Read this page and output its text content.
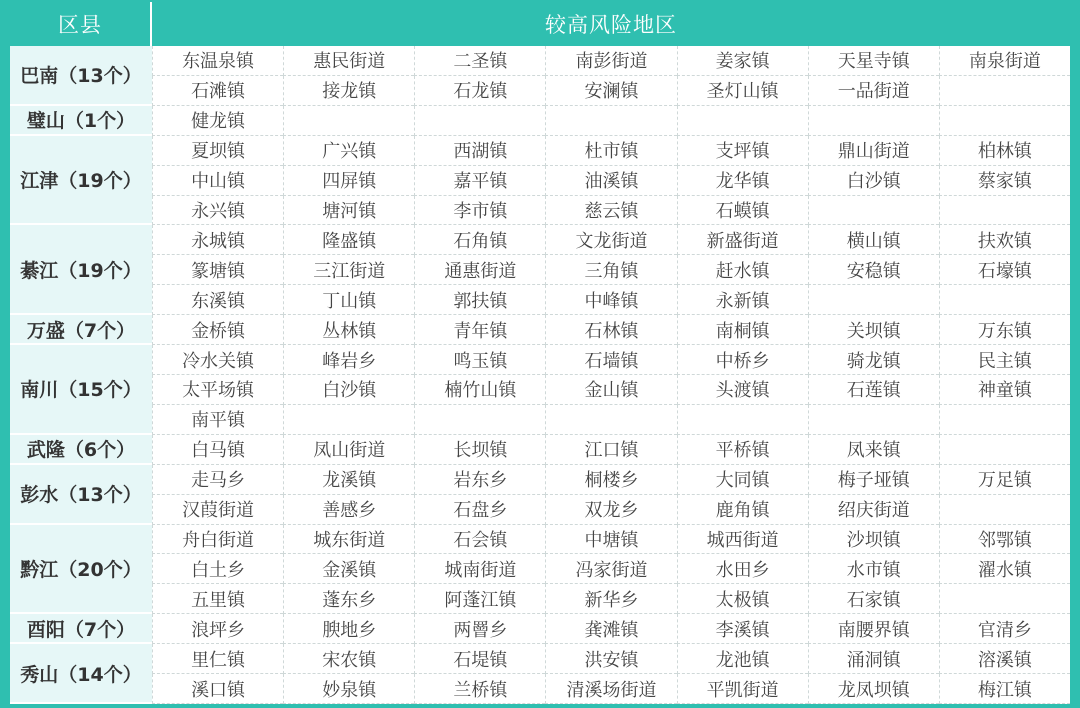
区县	较高风险地区
巴南（13个）
东温泉镇	惠民街道	二圣镇	南彭街道	姜家镇	天星寺镇	南泉街道
石滩镇	接龙镇	石龙镇	安澜镇	圣灯山镇	一品街道
璧山（1个）	健龙镇
江津（19个）
夏坝镇	广兴镇	西湖镇	杜市镇	支坪镇	鼎山街道	柏林镇
中山镇	四屏镇	嘉平镇	油溪镇	龙华镇	白沙镇	蔡家镇
永兴镇	塘河镇	李市镇	慈云镇	石蟆镇
綦江（19个）
永城镇	隆盛镇	石角镇	文龙街道	新盛街道	横山镇	扶欢镇
篆塘镇	三江街道	通惠街道	三角镇	赶水镇	安稳镇	石壕镇
东溪镇	丁山镇	郭扶镇	中峰镇	永新镇
万盛（7个）	金桥镇	丛林镇	青年镇	石林镇	南桐镇	关坝镇	万东镇
南川（15个）
冷水关镇	峰岩乡	鸣玉镇	石墙镇	中桥乡	骑龙镇	民主镇
太平场镇	白沙镇	楠竹山镇	金山镇	头渡镇	石莲镇	神童镇
南平镇
武隆（6个）	白马镇	凤山街道	长坝镇	江口镇	平桥镇	凤来镇
彭水（13个）
走马乡	龙溪镇	岩东乡	桐楼乡	大同镇	梅子垭镇	万足镇
汉葭街道	善感乡	石盘乡	双龙乡	鹿角镇	绍庆街道
黔江（20个）
舟白街道	城东街道	石会镇	中塘镇	城西街道	沙坝镇	邻鄂镇
白土乡	金溪镇	城南街道	冯家街道	水田乡	水市镇	濯水镇
五里镇	蓬东乡	阿蓬江镇	新华乡	太极镇	石家镇
酉阳（7个）	浪坪乡	腴地乡	两罾乡	龚滩镇	李溪镇	南腰界镇	官清乡
秀山（14个）
里仁镇	宋农镇	石堤镇	洪安镇	龙池镇	涌洞镇	溶溪镇
溪口镇	妙泉镇	兰桥镇	清溪场街道	平凯街道	龙凤坝镇	梅江镇
